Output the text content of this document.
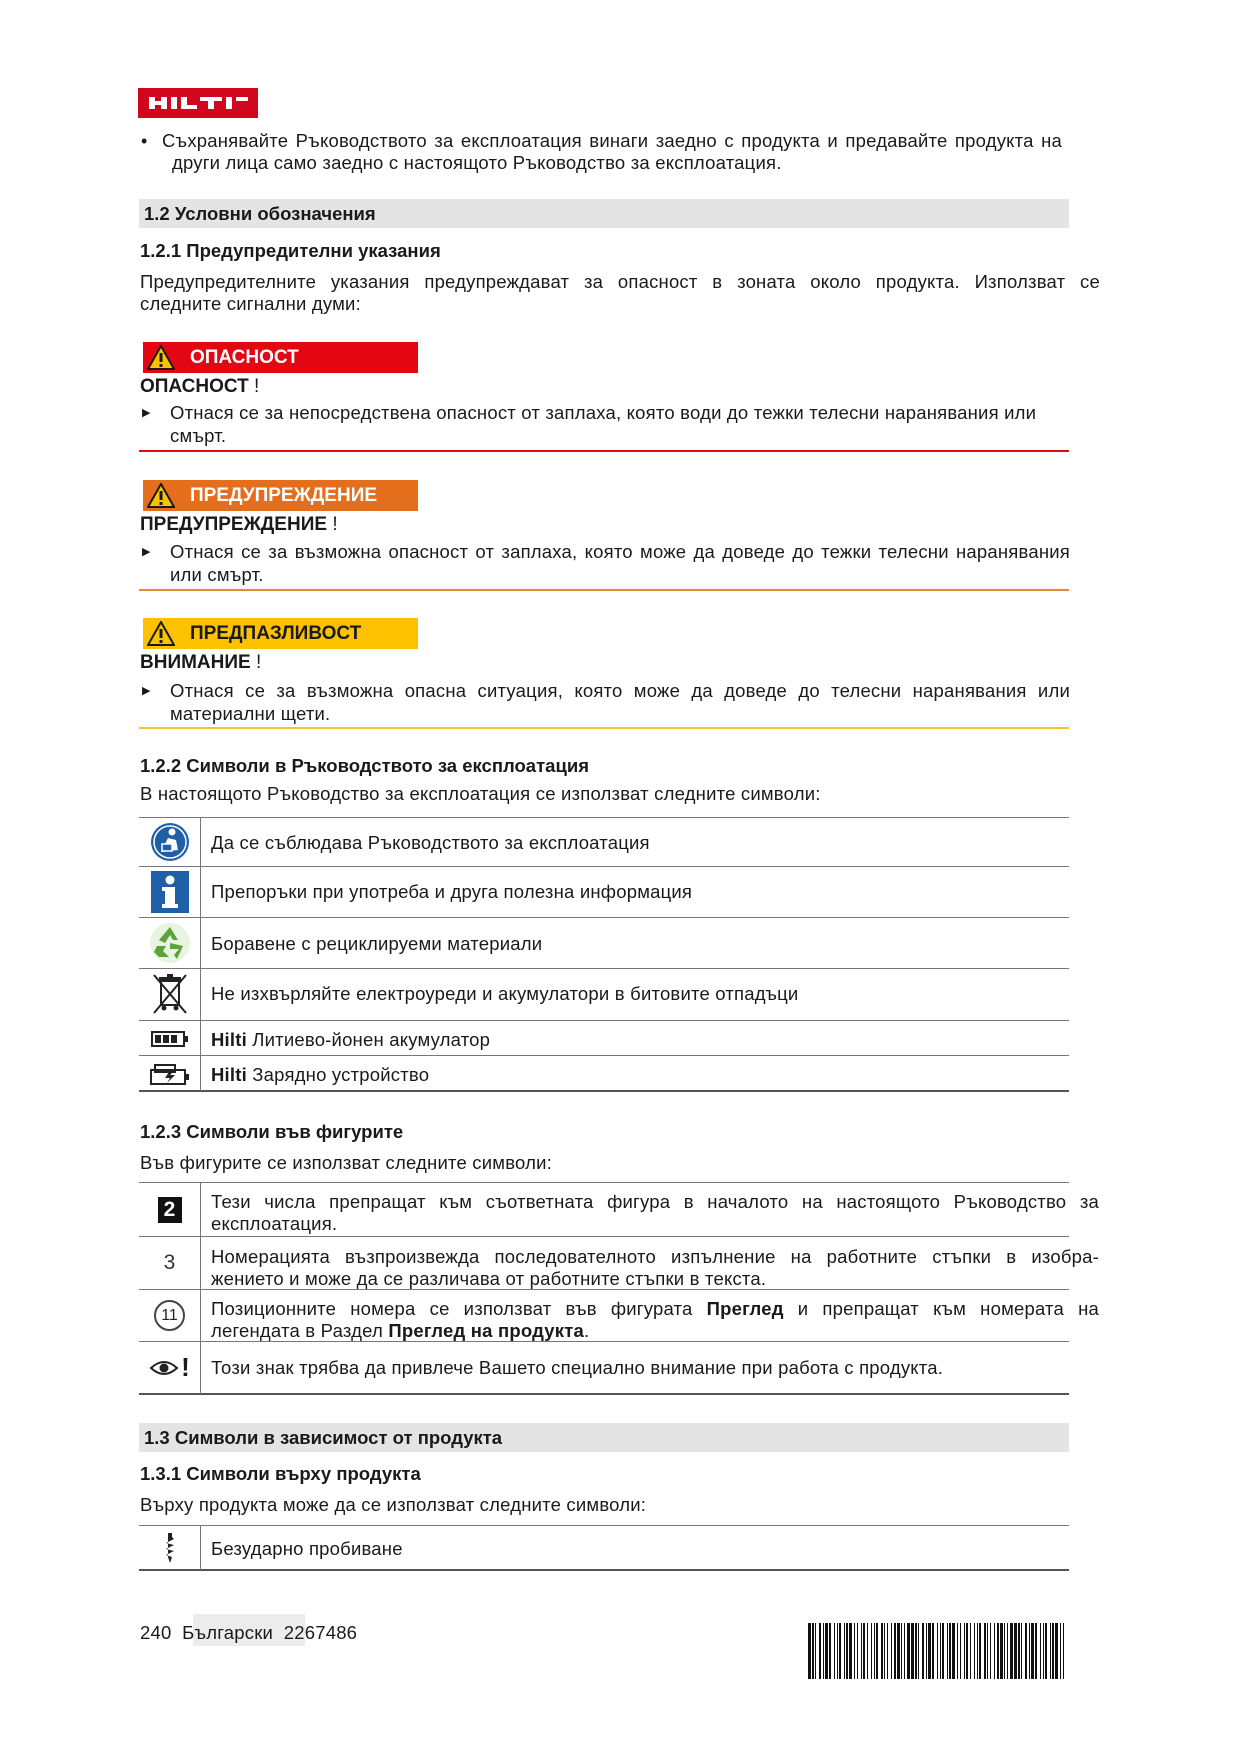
• Съхранявайте Ръководството за експлоатация винаги заедно с продукта и предавайте продукта на
други лица само заедно с настоящото Ръководство за експлоатация.
1.2 Условни обозначения
1.2.1 Предупредителни указания
Предупредителните указания предупреждават за опасност в зоната около продукта. Използват се
следните сигнални думи:
ОПАСНОСТ
ОПАСНОСТ !
▶ Отнася се за непосредствена опасност от заплаха, която води до тежки телесни наранявания или
смърт.
ПРЕДУПРЕЖДЕНИЕ
ПРЕДУПРЕЖДЕНИЕ !
▶ Отнася се за възможна опасност от заплаха, която може да доведе до тежки телесни наранявания
или смърт.
ПРЕДПАЗЛИВОСТ
ВНИМАНИЕ !
▶ Отнася се за възможна опасна ситуация, която може да доведе до телесни наранявания или
материални щети.
1.2.2 Символи в Ръководството за експлоатация
В настоящото Ръководство за експлоатация се използват следните символи:
Да се съблюдава Ръководството за експлоатация
Препоръки при употреба и друга полезна информация
Боравене с рециклируеми материали
Не изхвърляйте електроуреди и акумулатори в битовите отпадъци
Hilti Литиево-йонен акумулатор
Hilti Зарядно устройство
1.2.3 Символи във фигурите
Във фигурите се използват следните символи:
2
3
11
!
Тези числа препращат към съответната фигура в началото на настоящото Ръководство за
експлоатация.
Номерацията възпроизвежда последователното изпълнение на работните стъпки в изобра-
жението и може да се различава от работните стъпки в текста.
Позиционните номера се използват във фигурата Преглед и препращат към номерата на
легендата в Раздел Преглед на продукта.
Този знак трябва да привлече Вашето специално внимание при работа с продукта.
1.3 Символи в зависимост от продукта
1.3.1 Символи върху продукта
Върху продукта може да се използват следните символи:
Безударно пробиване
240 Български 2267486
